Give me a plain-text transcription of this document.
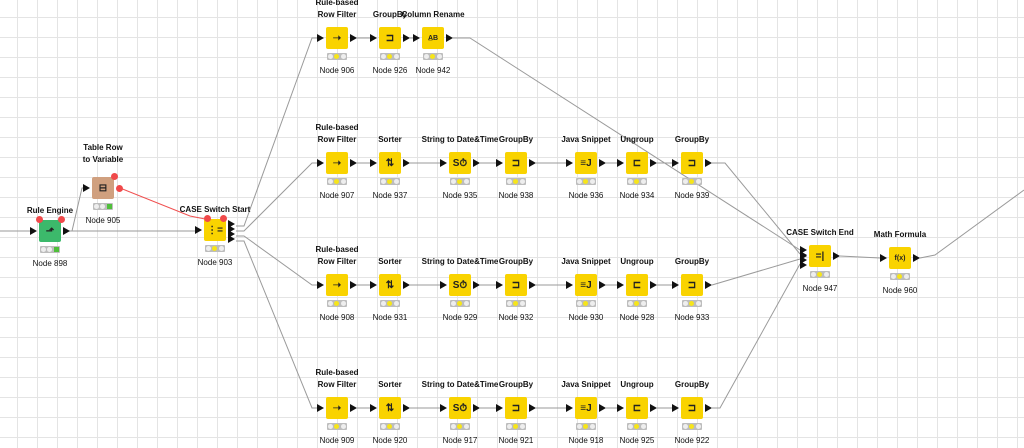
Rule Engine
⬏
Node 898
Table Row
to Variable
⊟
Node 905
CASE Switch Start
⋮=
Node 903
Rule-based
Row Filter
➝
Node 906
GroupBy
⊐
Node 926
Column Rename
A̲B
Node 942
Rule-based
Row Filter
➝
Node 907
Sorter
⇅
Node 937
String to Date&Time
S⏱
Node 935
GroupBy
⊐
Node 938
Java Snippet
≡J
Node 936
Ungroup
⊏
Node 934
GroupBy
⊐
Node 939
Rule-based
Row Filter
➝
Node 908
Sorter
⇅
Node 931
String to Date&Time
S⏱
Node 929
GroupBy
⊐
Node 932
Java Snippet
≡J
Node 930
Ungroup
⊏
Node 928
GroupBy
⊐
Node 933
Rule-based
Row Filter
➝
Node 909
Sorter
⇅
Node 920
String to Date&Time
S⏱
Node 917
GroupBy
⊐
Node 921
Java Snippet
≡J
Node 918
Ungroup
⊏
Node 925
GroupBy
⊐
Node 922
CASE Switch End
=|
Node 947
Math Formula
f(x)
Node 960
